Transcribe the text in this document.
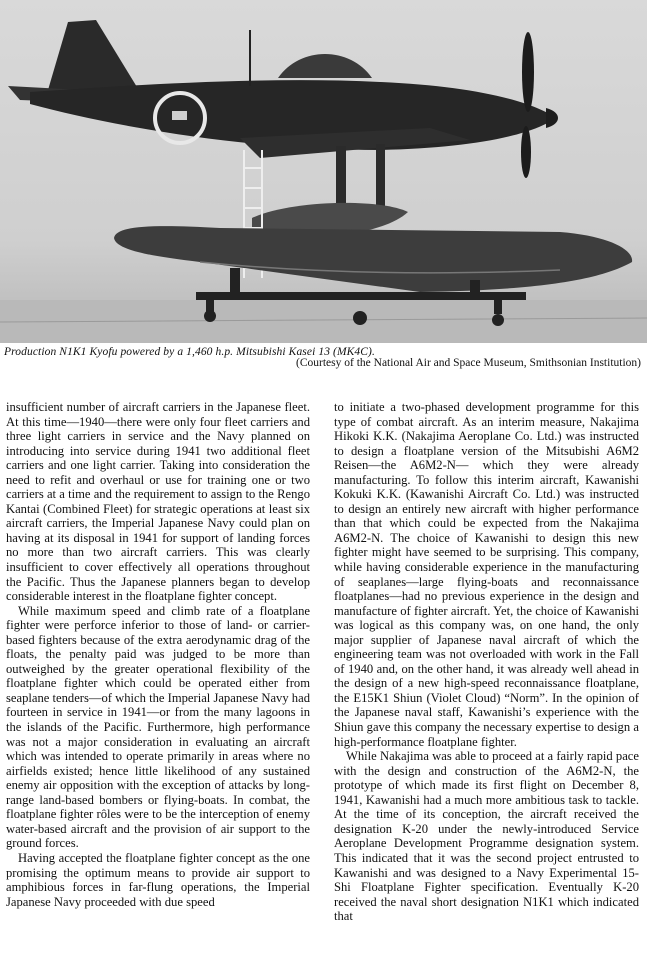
Production N1K1 Kyofu powered by a 1,460 h.p. Mitsubishi Kasei 13 (MK4C).
(Courtesy of the National Air and Space Museum, Smithsonian Institution)

insufficient number of aircraft carriers in the Japanese fleet. At this time—1940—there were only four fleet carriers and three light carriers in service and the Navy planned on introducing into service during 1941 two additional fleet carriers and one light carrier. Taking into consideration the need to refit and overhaul or use for training one or two carriers at a time and the requirement to assign to the Rengo Kantai (Combined Fleet) for strategic operations at least six aircraft carriers, the Imperial Japanese Navy could plan on having at its disposal in 1941 for support of landing forces no more than two aircraft carriers. This was clearly insufficient to cover effectively all operations throughout the Pacific. Thus the Japanese planners began to develop considerable interest in the floatplane fighter concept.

While maximum speed and climb rate of a floatplane fighter were perforce inferior to those of land- or carrier-based fighters because of the extra aerodynamic drag of the floats, the penalty paid was judged to be more than outweighed by the greater operational flexibility of the floatplane fighter which could be operated either from seaplane tenders—of which the Imperial Japanese Navy had fourteen in service in 1941—or from the many lagoons in the islands of the Pacific. Furthermore, high performance was not a major consideration in evaluating an aircraft which was intended to operate primarily in areas where no airfields existed; hence little likelihood of any sustained enemy air opposition with the exception of attacks by long-range land-based bombers or flying-boats. In combat, the floatplane fighter rôles were to be the interception of enemy water-based aircraft and the provision of air support to the ground forces.

Having accepted the floatplane fighter concept as the one promising the optimum means to provide air support to amphibious forces in far-flung operations, the Imperial Japanese Navy proceeded with due speed

to initiate a two-phased development programme for this type of combat aircraft. As an interim measure, Nakajima Hikoki K.K. (Nakajima Aeroplane Co. Ltd.) was instructed to design a floatplane version of the Mitsubishi A6M2 Reisen—the A6M2-N— which they were already manufacturing. To follow this interim aircraft, Kawanishi Kokuki K.K. (Kawanishi Aircraft Co. Ltd.) was instructed to design an entirely new aircraft with higher performance than that which could be expected from the Nakajima A6M2-N. The choice of Kawanishi to design this new fighter might have seemed to be surprising. This company, while having considerable experience in the manufacturing of seaplanes—large flying-boats and reconnaissance floatplanes—had no previous experience in the design and manufacture of fighter aircraft. Yet, the choice of Kawanishi was logical as this company was, on one hand, the only major supplier of Japanese naval aircraft of which the engineering team was not overloaded with work in the Fall of 1940 and, on the other hand, it was already well ahead in the design of a new high-speed reconnaissance floatplane, the E15K1 Shiun (Violet Cloud) “Norm”. In the opinion of the Japanese naval staff, Kawanishi’s experience with the Shiun gave this company the necessary expertise to design a high-performance floatplane fighter.

While Nakajima was able to proceed at a fairly rapid pace with the design and construction of the A6M2-N, the prototype of which made its first flight on December 8, 1941, Kawanishi had a much more ambitious task to tackle. At the time of its conception, the aircraft received the designation K-20 under the newly-introduced Service Aeroplane Development Programme designation system. This indicated that it was the second project entrusted to Kawanishi and was designed to a Navy Experimental 15-Shi Floatplane Fighter specification. Eventually K-20 received the naval short designation N1K1 which indicated that
